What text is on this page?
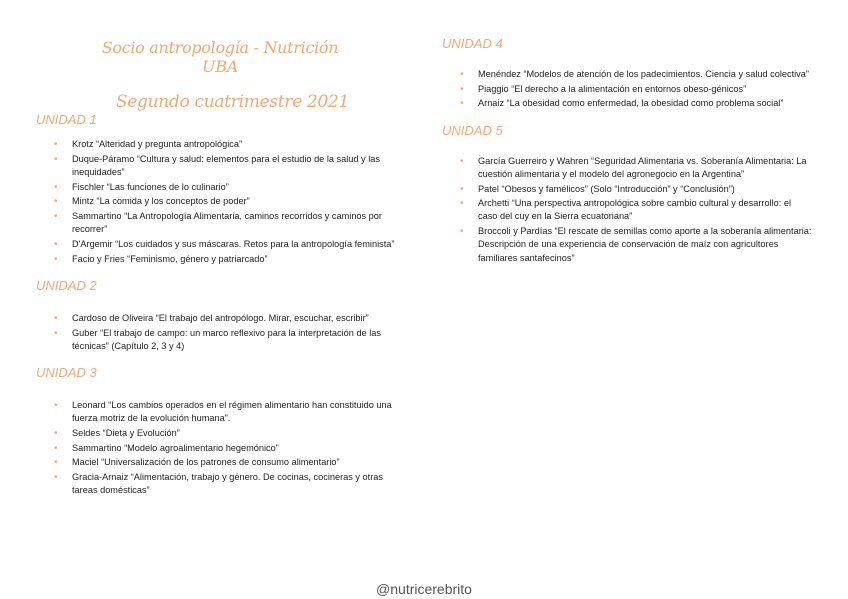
Socio antropología - Nutrición UBA
Segundo cuatrimestre 2021
UNIDAD 1
• Krotz “Alteridad y pregunta antropológica”
• Duque-Páramo “Cultura y salud: elementos para el estudio de la salud y las inequidades”
• Fischler “Las funciones de lo culinario”
• Mintz “La comida y los conceptos de poder”
• Sammartino “La Antropología Alimentaria, caminos recorridos y caminos por recorrer”
• D'Argemir “Los cuidados y sus máscaras. Retos para la antropología feminista”
• Facio y Fries “Feminismo, género y patriarcado”
UNIDAD 2
• Cardoso de Oliveira “El trabajo del antropólogo. Mirar, escuchar, escribir”
• Guber “El trabajo de campo: un marco reflexivo para la interpretación de las técnicas” (Capítulo 2, 3 y 4)
UNIDAD 3
• Leonard “Los cambios operados en el régimen alimentario han constituido una fuerza motriz de la evolución humana”.
• Seldes “Dieta y Evolución”
• Sammartino “Modelo agroalimentario hegemónico”
• Maciel “Universalización de los patrones de consumo alimentario”
• Gracia-Arnaiz “Alimentación, trabajo y género. De cocinas, cocineras y otras tareas domésticas”
UNIDAD 4
• Menéndez “Modelos de atención de los padecimientos. Ciencia y salud colectiva”
• Piaggio “El derecho a la alimentación en entornos obeso-génicos”
• Arnaiz “La obesidad como enfermedad, la obesidad como problema social”
UNIDAD 5
• García Guerreiro y Wahren “Seguridad Alimentaria vs. Soberanía Alimentaria: La cuestión alimentaria y el modelo del agronegocio en la Argentina”
• Patel “Obesos y famélicos” (Solo “Introducción” y “Conclusión”)
• Archetti “Una perspectiva antropológica sobre cambio cultural y desarrollo: el caso del cuy en la Sierra ecuatoriana”
• Broccoli y Pardías “El rescate de semillas como aporte a la soberanía alimentaria: Descripción de una experiencia de conservación de maíz con agricultores familiares santafecinos”
@nutricerebrito
